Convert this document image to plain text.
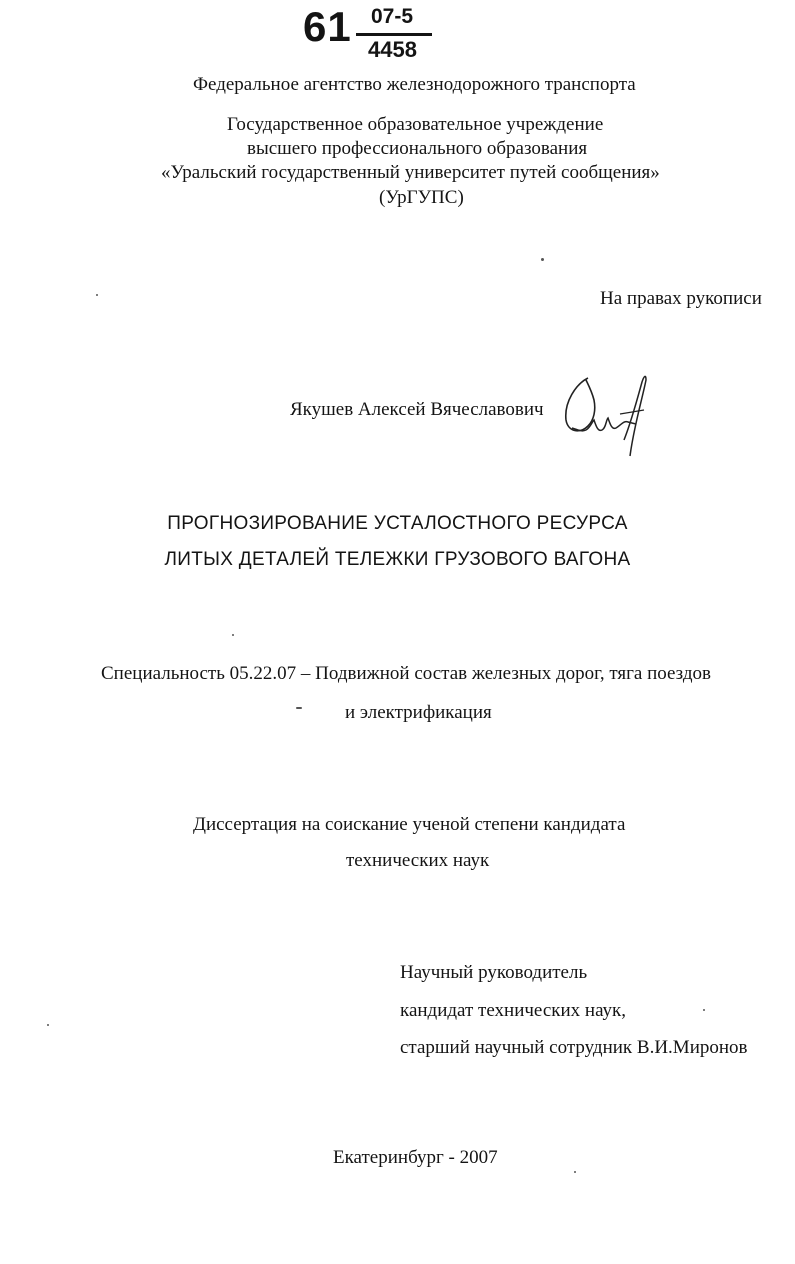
61 07-5
4458
Федеральное агентство железнодорожного транспорта
Государственное образовательное учреждение
высшего профессионального образования
«Уральский государственный университет путей сообщения»
(УрГУПС)
На правах рукописи
Якушев Алексей Вячеславович
ПРОГНОЗИРОВАНИЕ УСТАЛОСТНОГО РЕСУРСА
ЛИТЫХ ДЕТАЛЕЙ ТЕЛЕЖКИ ГРУЗОВОГО ВАГОНА
Специальность 05.22.07 – Подвижной состав железных дорог, тяга поездов
и электрификация
Диссертация на соискание ученой степени кандидата
технических наук
Научный руководитель
кандидат технических наук,
старший научный сотрудник В.И.Миронов
Екатеринбург - 2007
